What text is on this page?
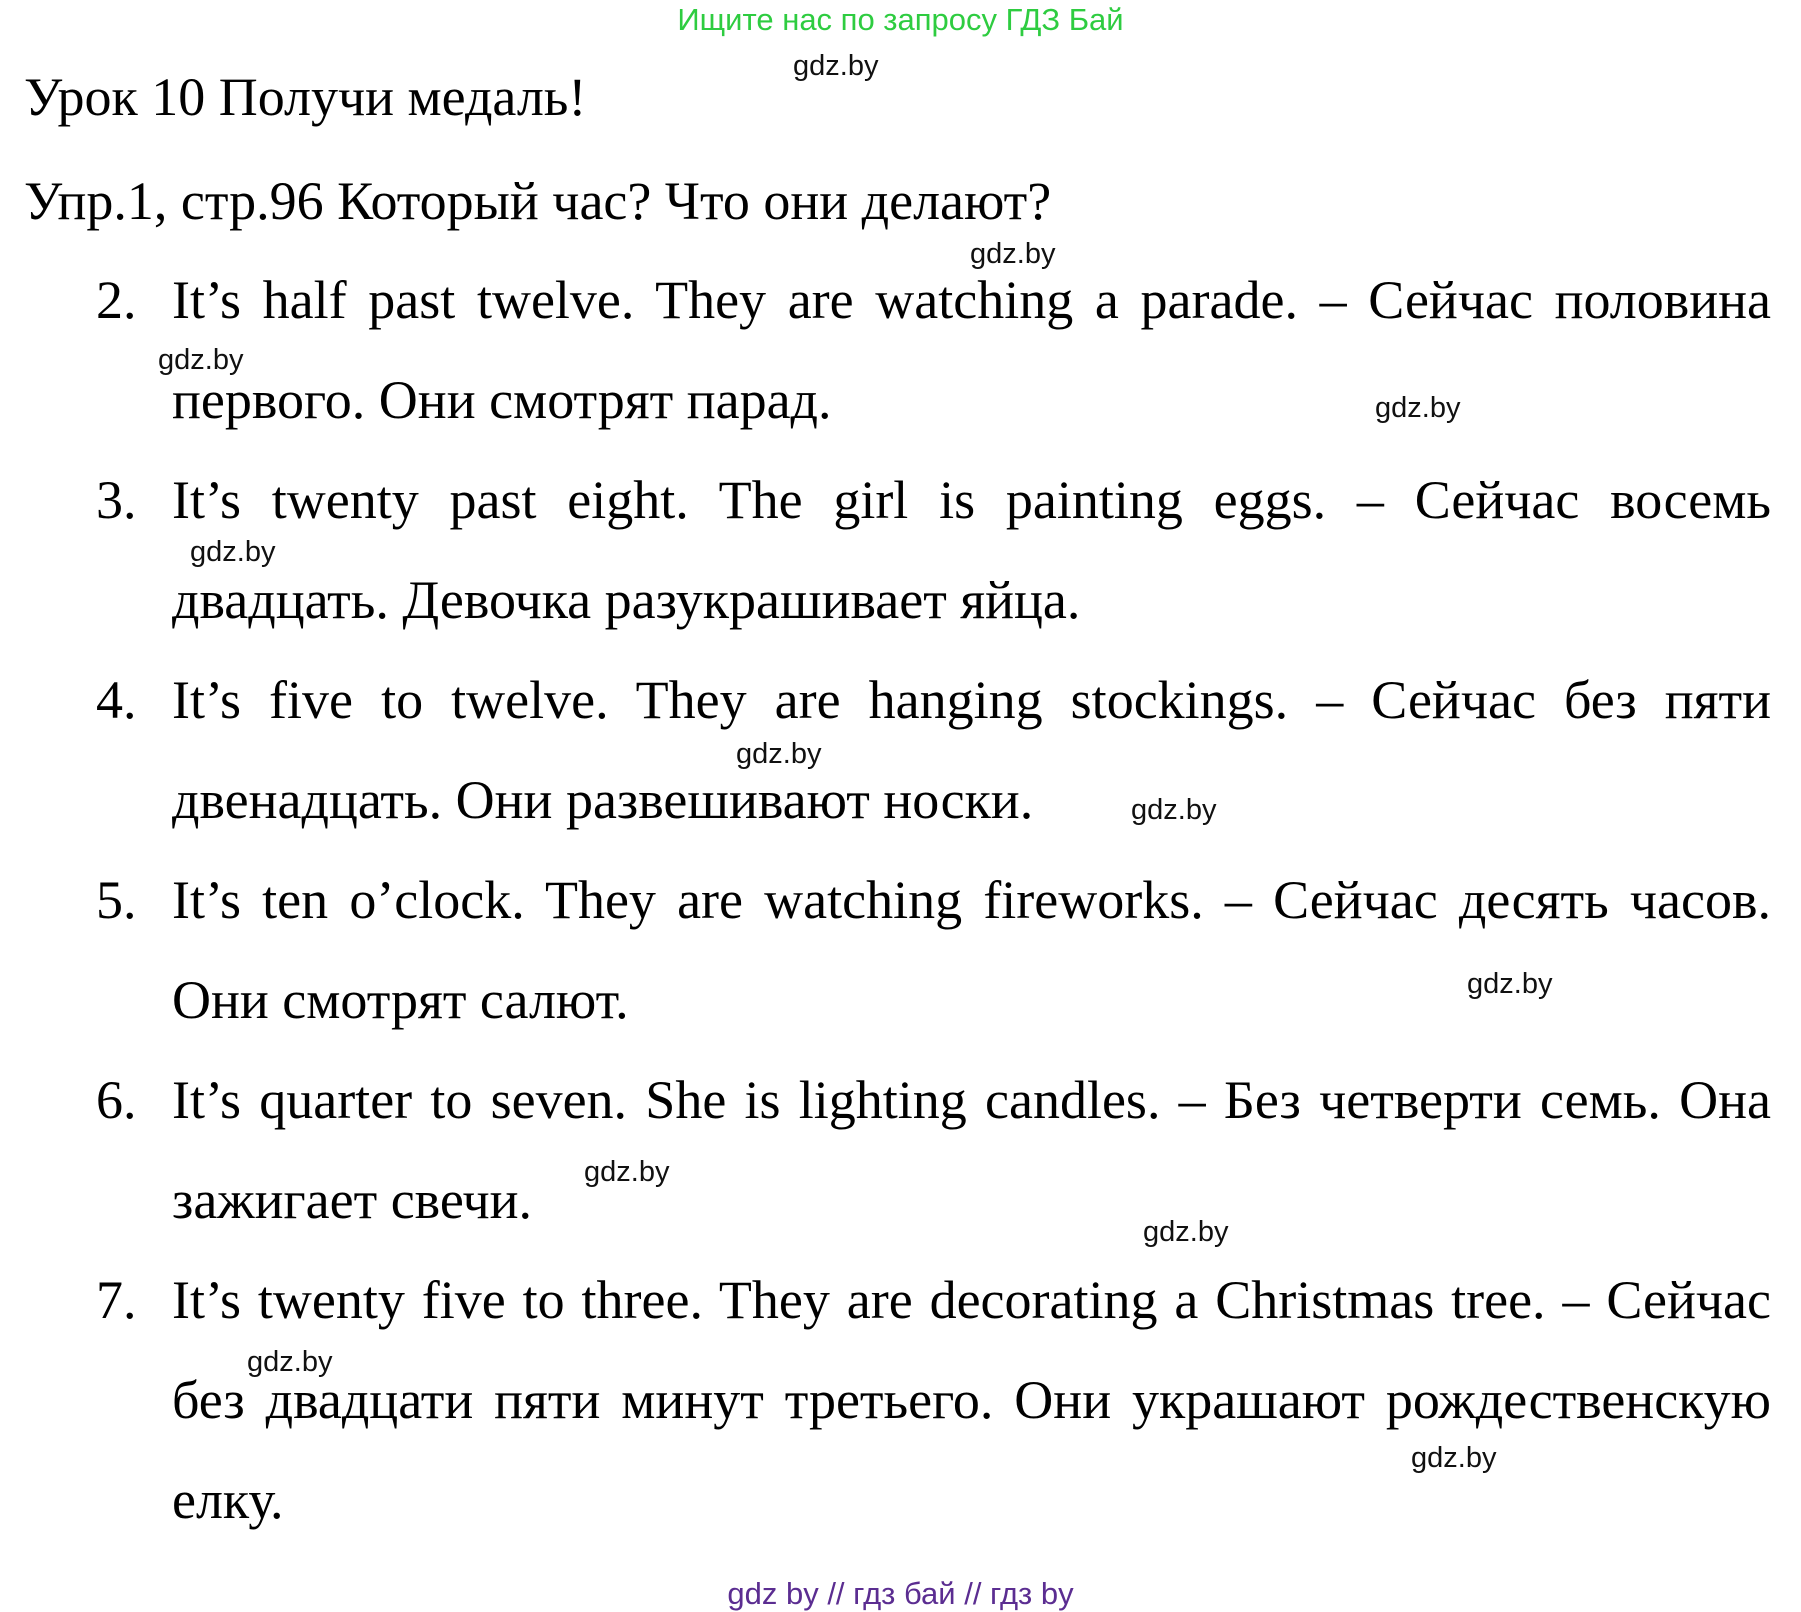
Ищите нас по запросу ГДЗ Бай
Урок 10 Получи медаль!
Упр.1, стр.96 Который час? Что они делают?
2. It’s half past twelve. They are watching a parade. – Сейчас половина первого. Они смотрят парад.
3. It’s twenty past eight. The girl is painting eggs. – Сейчас восемь двадцать. Девочка разукрашивает яйца.
4. It’s five to twelve. They are hanging stockings. – Сейчас без пяти двенадцать. Они развешивают носки.
5. It’s ten o’clock. They are watching fireworks. – Сейчас десять часов. Они смотрят салют.
6. It’s quarter to seven. She is lighting candles. – Без четверти семь. Она зажигает свечи.
7. It’s twenty five to three. They are decorating a Christmas tree. – Сейчас без двадцати пяти минут третьего. Они украшают рождественскую елку.
gdz.by
gdz.by
gdz.by
gdz.by
gdz.by
gdz.by
gdz.by
gdz.by
gdz.by
gdz.by
gdz.by
gdz.by
gdz by // гдз бай // гдз by
